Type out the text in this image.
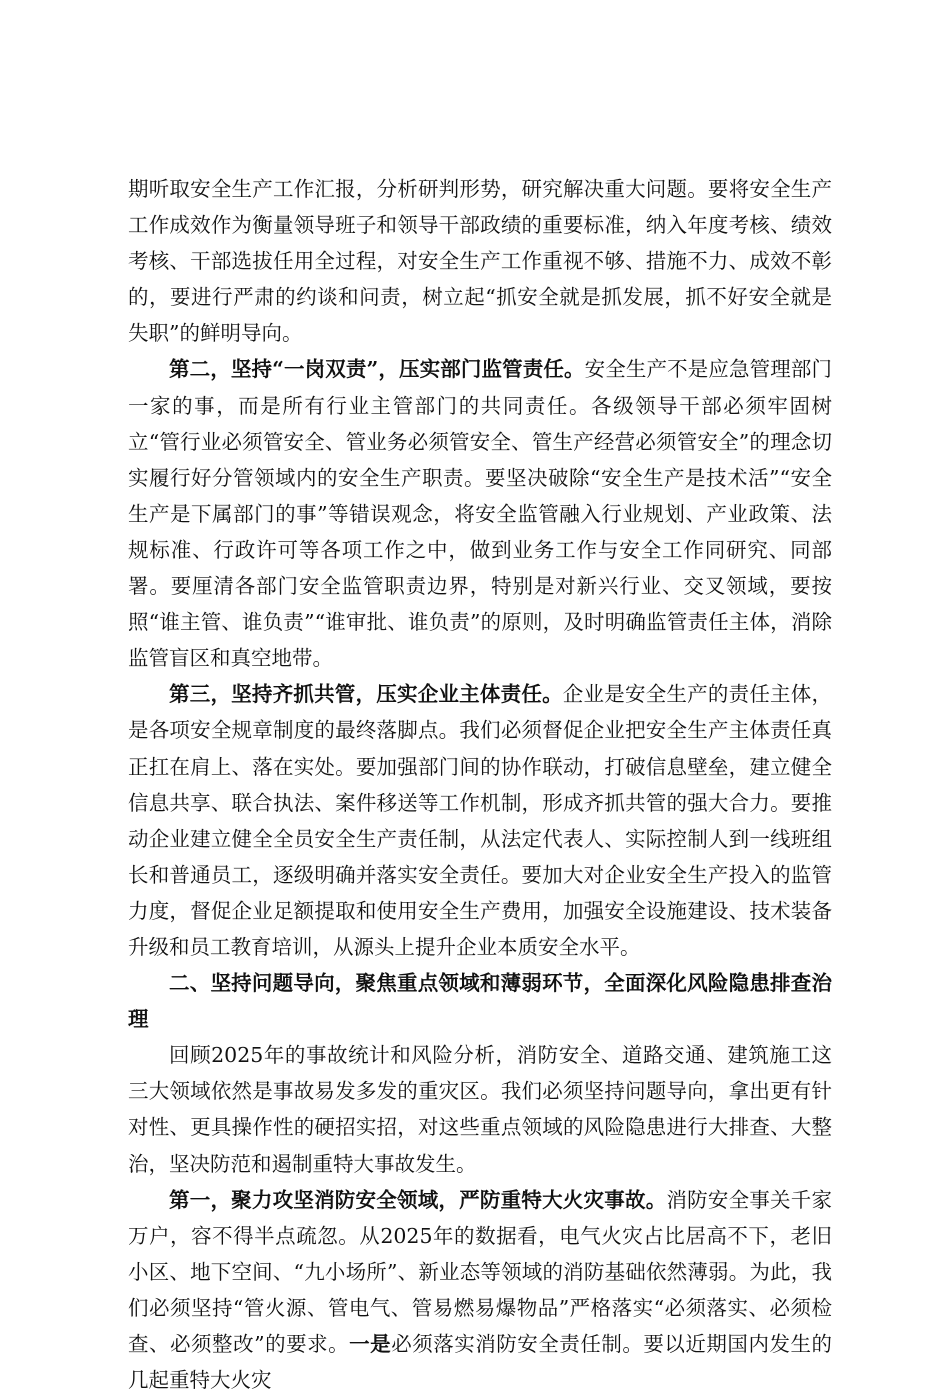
期听取安全生产工作汇报，分析研判形势，研究解决重大问题。要将安全生产工作成效作为衡量领导班子和领导干部政绩的重要标准，纳入年度考核、绩效考核、干部选拔任用全过程，对安全生产工作重视不够、措施不力、成效不彰的，要进行严肃的约谈和问责，树立起“抓安全就是抓发展，抓不好安全就是失职”的鲜明导向。

第二，坚持“一岗双责”，压实部门监管责任。安全生产不是应急管理部门一家的事，而是所有行业主管部门的共同责任。各级领导干部必须牢固树立“管行业必须管安全、管业务必须管安全、管生产经营必须管安全”的理念切实履行好分管领域内的安全生产职责。要坚决破除“安全生产是技术活”“安全生产是下属部门的事”等错误观念，将安全监管融入行业规划、产业政策、法规标准、行政许可等各项工作之中，做到业务工作与安全工作同研究、同部署。要厘清各部门安全监管职责边界，特别是对新兴行业、交叉领域，要按照“谁主管、谁负责”“谁审批、谁负责”的原则，及时明确监管责任主体，消除监管盲区和真空地带。

第三，坚持齐抓共管，压实企业主体责任。企业是安全生产的责任主体，是各项安全规章制度的最终落脚点。我们必须督促企业把安全生产主体责任真正扛在肩上、落在实处。要加强部门间的协作联动，打破信息壁垒，建立健全信息共享、联合执法、案件移送等工作机制，形成齐抓共管的强大合力。要推动企业建立健全全员安全生产责任制，从法定代表人、实际控制人到一线班组长和普通员工，逐级明确并落实安全责任。要加大对企业安全生产投入的监管力度，督促企业足额提取和使用安全生产费用，加强安全设施建设、技术装备升级和员工教育培训，从源头上提升企业本质安全水平。

二、坚持问题导向，聚焦重点领域和薄弱环节，全面深化风险隐患排查治理

回顾2025年的事故统计和风险分析，消防安全、道路交通、建筑施工这三大领域依然是事故易发多发的重灾区。我们必须坚持问题导向，拿出更有针对性、更具操作性的硬招实招，对这些重点领域的风险隐患进行大排查、大整治，坚决防范和遏制重特大事故发生。

第一，聚力攻坚消防安全领域，严防重特大火灾事故。消防安全事关千家万户，容不得半点疏忽。从2025年的数据看，电气火灾占比居高不下，老旧小区、地下空间、“九小场所”、新业态等领域的消防基础依然薄弱。为此，我们必须坚持“管火源、管电气、管易燃易爆物品”严格落实“必须落实、必须检查、必须整改”的要求。一是必须落实消防安全责任制。要以近期国内发生的几起重特大火灾
